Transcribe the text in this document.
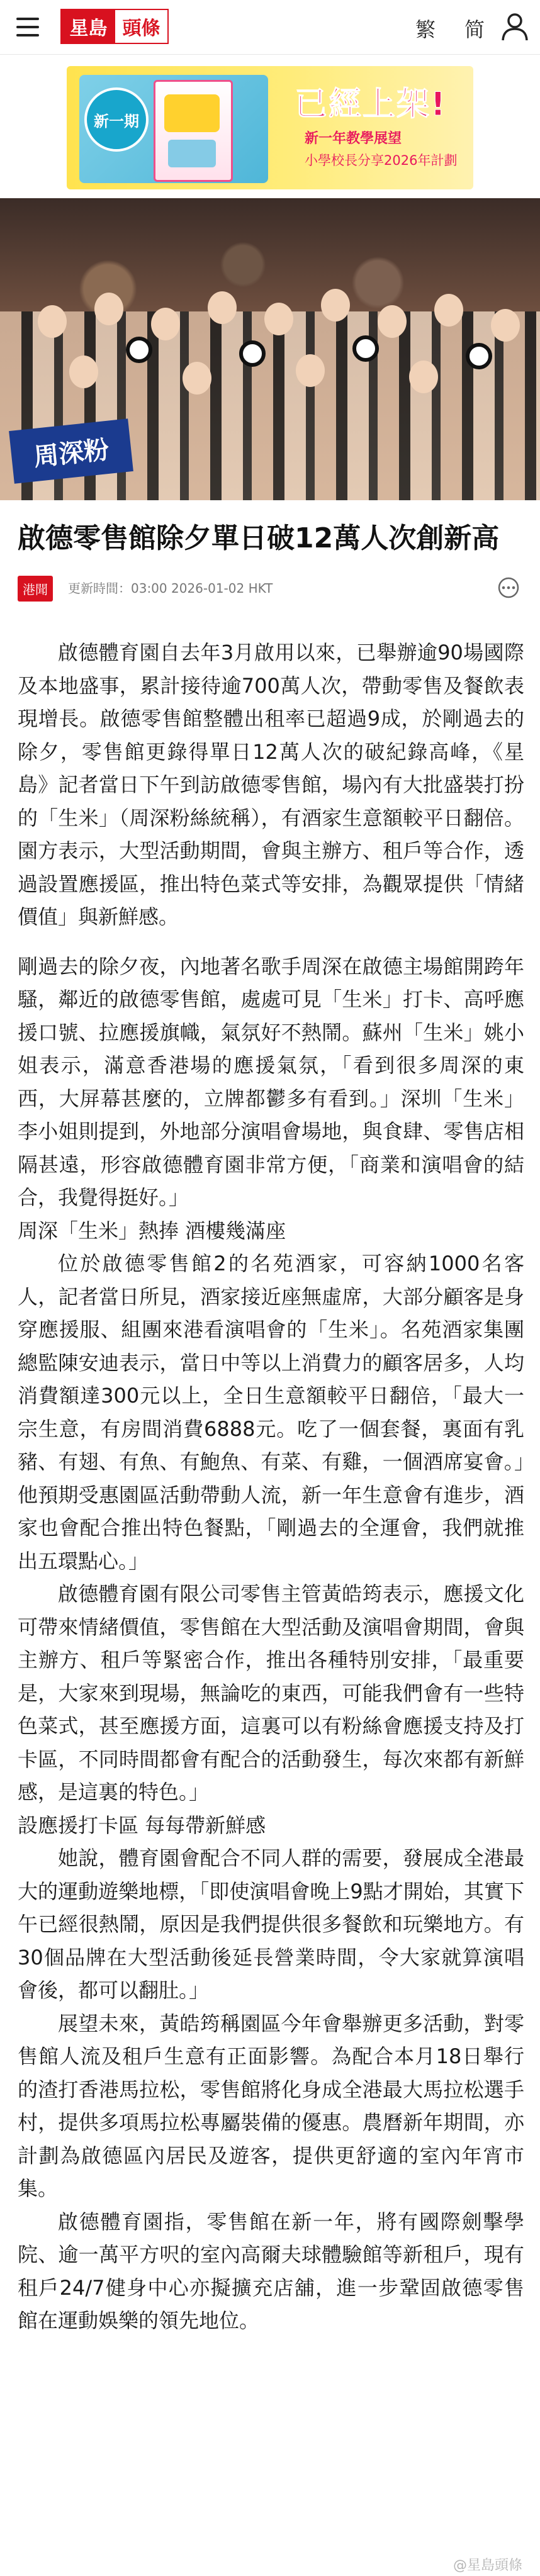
星島 頭條	繁 简
新一期	已經上架!
新一年教學展望
小學校長分享2026年計劃
周深粉
啟德零售館除夕單日破12萬人次創新高
港聞	更新時間：03:00 2026-01-02 HKT

啟德體育園自去年3月啟用以來，已舉辦逾90場國際及本地盛事，累計接待逾700萬人次，帶動零售及餐飲表現增長。啟德零售館整體出租率已超過9成，於剛過去的除夕，零售館更錄得單日12萬人次的破紀錄高峰，《星島》記者當日下午到訪啟德零售館，場內有大批盛裝打扮的「生米」（周深粉絲統稱），有酒家生意額較平日翻倍。園方表示，大型活動期間，會與主辦方、租戶等合作，透過設置應援區，推出特色菜式等安排，為觀眾提供「情緒價值」與新鮮感。

剛過去的除夕夜，內地著名歌手周深在啟德主場館開跨年騷，鄰近的啟德零售館，處處可見「生米」打卡、高呼應援口號、拉應援旗幟，氣氛好不熱鬧。蘇州「生米」姚小姐表示，滿意香港場的應援氣氛，「看到很多周深的東西，大屏幕甚麼的，立牌都鬱多有看到。」深圳「生米」李小姐則提到，外地部分演唱會場地，與食肆、零售店相隔甚遠，形容啟德體育園非常方便，「商業和演唱會的結合，我覺得挺好。」

周深「生米」熱捧 酒樓幾滿座

位於啟德零售館2的名苑酒家，可容納1000名客人，記者當日所見，酒家接近座無虛席，大部分顧客是身穿應援服、組團來港看演唱會的「生米」。名苑酒家集團總監陳安迪表示，當日中等以上消費力的顧客居多，人均消費額達300元以上，全日生意額較平日翻倍，「最大一宗生意，有房間消費6888元。吃了一個套餐，裏面有乳豬、有翅、有魚、有鮑魚、有菜、有雞，一個酒席宴會。」他預期受惠園區活動帶動人流，新一年生意會有進步，酒家也會配合推出特色餐點，「剛過去的全運會，我們就推出五環點心。」

啟德體育園有限公司零售主管黃皓筠表示，應援文化可帶來情緒價值，零售館在大型活動及演唱會期間，會與主辦方、租戶等緊密合作，推出各種特別安排，「最重要是，大家來到現場，無論吃的東西，可能我們會有一些特色菜式，甚至應援方面，這裏可以有粉絲會應援支持及打卡區，不同時間都會有配合的活動發生，每次來都有新鮮感，是這裏的特色。」

設應援打卡區 每每帶新鮮感

她說，體育園會配合不同人群的需要，發展成全港最大的運動遊樂地標，「即使演唱會晚上9點才開始，其實下午已經很熱鬧，原因是我們提供很多餐飲和玩樂地方。有30個品牌在大型活動後延長營業時間，令大家就算演唱會後，都可以翻肚。」

展望未來，黃皓筠稱園區今年會舉辦更多活動，對零售館人流及租戶生意有正面影響。為配合本月18日舉行的渣打香港馬拉松，零售館將化身成全港最大馬拉松選手村，提供多項馬拉松專屬裝備的優惠。農曆新年期間，亦計劃為啟德區內居民及遊客，提供更舒適的室內年宵市集。

啟德體育園指，零售館在新一年，將有國際劍擊學院、逾一萬平方呎的室內高爾夫球體驗館等新租戶，現有租戶24/7健身中心亦擬擴充店舖，進一步鞏固啟德零售館在運動娛樂的領先地位。

@星島頭條
